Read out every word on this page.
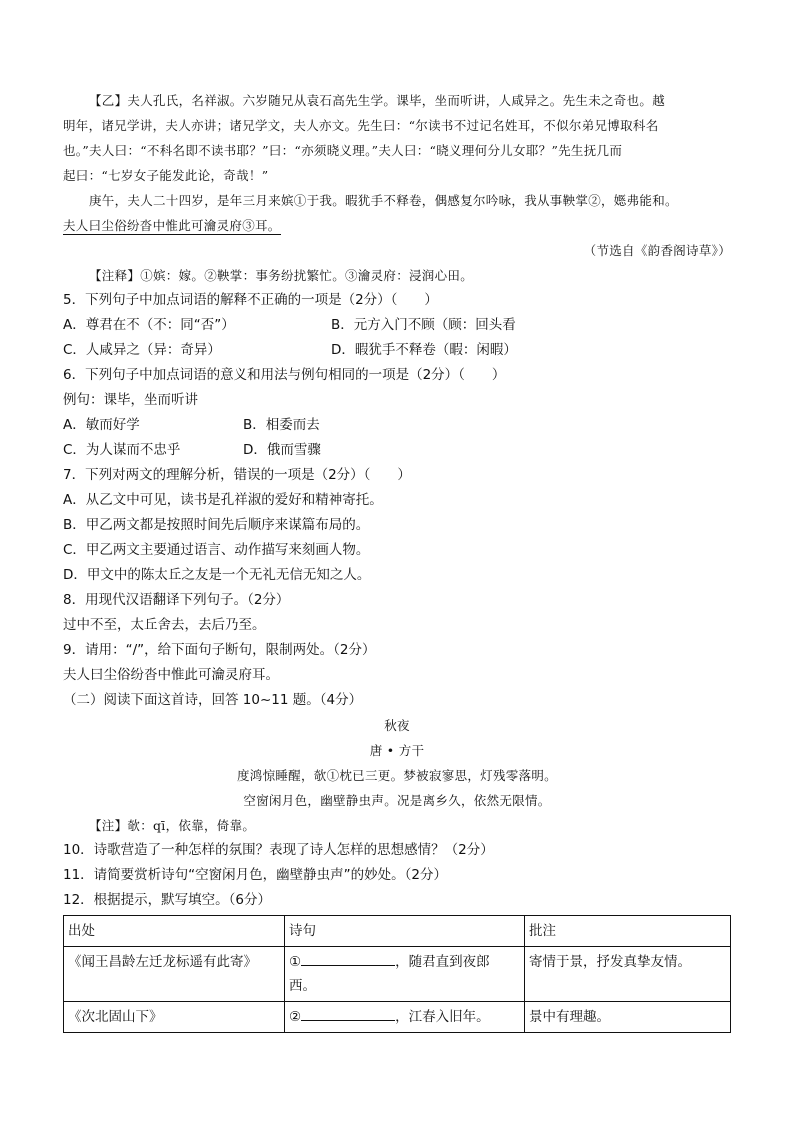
【乙】夫人孔氏，名祥淑。六岁随兄从袁石高先生学。课毕，坐而听讲，人咸异之。先生未之奇也。越

明年，诸兄学讲，夫人亦讲；诸兄学文，夫人亦文。先生曰：“尔读书不过记名姓耳，不似尔弟兄博取科名

也。”夫人曰：“不科名即不读书耶？”曰：“亦须晓义理。”夫人曰：“晓义理何分儿女耶？”先生抚几而

起曰：“七岁女子能发此论，奇哉！”

庚午，夫人二十四岁，是年三月来嫔①于我。暇犹手不释卷，偶感复尔吟咏，我从事鞅掌②，嫕弗能和。

夫人曰尘俗纷沓中惟此可瀹灵府③耳。

（节选自《韵香阁诗草》）

【注释】①嫔：嫁。②鞅掌：事务纷扰繁忙。③瀹灵府：浸润心田。

5．下列句子中加点词语的解释不正确的一项是（2分）（　　）

A．尊君在不（不：同“否”）	B．元方入门不顾（顾：回头看
C．人咸异之（异：奇异）	D．暇犹手不释卷（暇：闲暇）

6．下列句子中加点词语的意义和用法与例句相同的一项是（2分）（　　）

例句：课毕，坐而听讲

A．敏而好学	B．相委而去
C．为人谋而不忠乎	D．俄而雪骤

7．下列对两文的理解分析，错误的一项是（2分）（　　）

A．从乙文中可见，读书是孔祥淑的爱好和精神寄托。

B．甲乙两文都是按照时间先后顺序来谋篇布局的。

C．甲乙两文主要通过语言、动作描写来刻画人物。

D．甲文中的陈太丘之友是一个无礼无信无知之人。

8．用现代汉语翻译下列句子。（2分）

过中不至，太丘舍去，去后乃至。

9．请用：“/”，给下面句子断句，限制两处。（2分）

夫人曰尘俗纷沓中惟此可瀹灵府耳。

（二）阅读下面这首诗，回答 10~11 题。（4分）

秋夜

唐 • 方干

度鸿惊睡醒，欹①枕已三更。梦被寂寥思，灯残零落明。

空窗闲月色，幽壁静虫声。况是离乡久，依然无限情。

【注】欹：qī，依靠，倚靠。

10．诗歌营造了一种怎样的氛围？表现了诗人怎样的思想感情？（2分）

11．请简要赏析诗句“空窗闲月色，幽壁静虫声”的妙处。（2分）

12．根据提示，默写填空。（6分）

出处	诗句	批注
《闻王昌龄左迁龙标遥有此寄》	① ，随君直到夜郎
西。	寄情于景，抒发真挚友情。
《次北固山下》	② ，江春入旧年。	景中有理趣。
